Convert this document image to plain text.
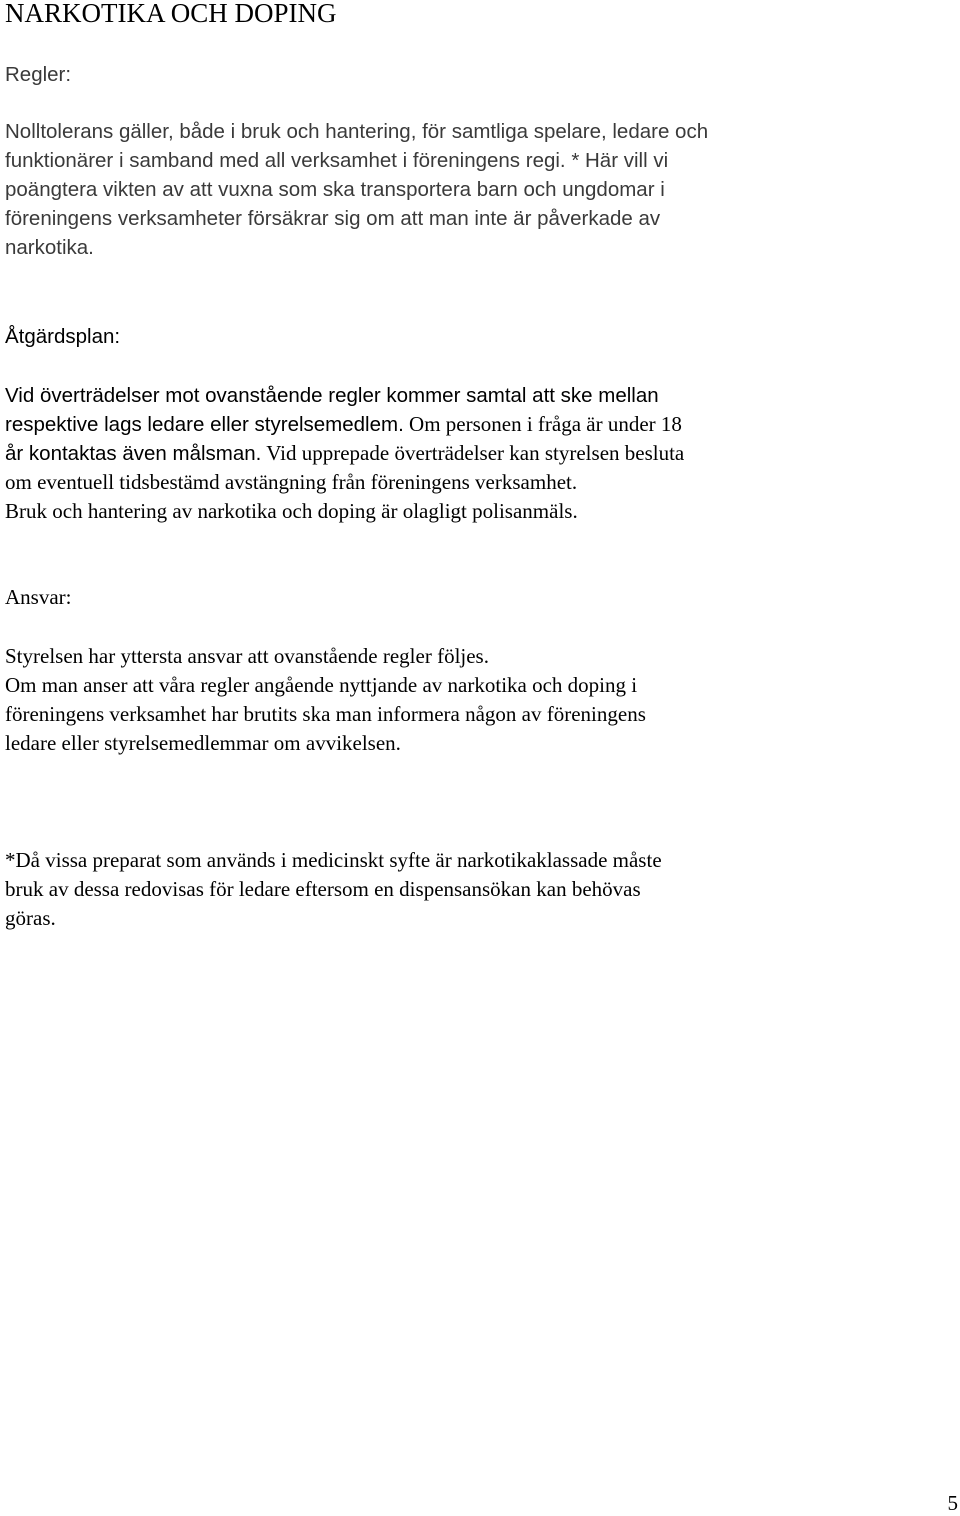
NARKOTIKA OCH DOPING

Regler:

Nolltolerans gäller, både i bruk och hantering, för samtliga spelare, ledare och
funktionärer i samband med all verksamhet i föreningens regi. * Här vill vi
poängtera vikten av att vuxna som ska transportera barn och ungdomar i
föreningens verksamheter försäkrar sig om att man inte är påverkade av
narkotika.

Åtgärdsplan:

Vid överträdelser mot ovanstående regler kommer samtal att ske mellan
respektive lags ledare eller styrelsemedlem. Om personen i fråga är under 18
år kontaktas även målsman. Vid upprepade överträdelser kan styrelsen besluta
om eventuell tidsbestämd avstängning från föreningens verksamhet.
Bruk och hantering av narkotika och doping är olagligt polisanmäls.

Ansvar:

Styrelsen har yttersta ansvar att ovanstående regler följes.
Om man anser att våra regler angående nyttjande av narkotika och doping i
föreningens verksamhet har brutits ska man informera någon av föreningens
ledare eller styrelsemedlemmar om avvikelsen.
*Då vissa preparat som används i medicinskt syfte är narkotikaklassade måste
bruk av dessa redovisas för ledare eftersom en dispensansökan kan behövas
göras.
5
